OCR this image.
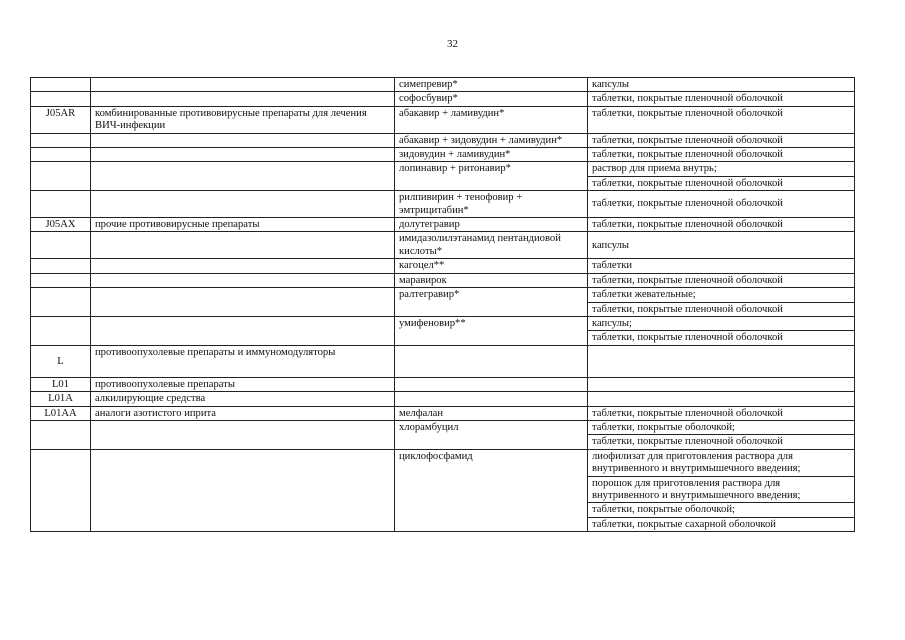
32
		симепревир*	капсулы
		софосбувир*	таблетки, покрытые пленочной оболочкой
J05AR	комбинированные противовирусные препараты для лечения ВИЧ-инфекции	абакавир + ламивудин*	таблетки, покрытые пленочной оболочкой
		абакавир + зидовудин + ламивудин*	таблетки, покрытые пленочной оболочкой
		зидовудин + ламивудин*	таблетки, покрытые пленочной оболочкой
		лопинавир + ритонавир*	раствор для приема внутрь;
			таблетки, покрытые пленочной оболочкой
		рилпивирин + тенофовир + эмтрицитабин*	таблетки, покрытые пленочной оболочкой
J05AX	прочие противовирусные препараты	долутегравир	таблетки, покрытые пленочной оболочкой
		имидазолилэтанамид пентандиовой кислоты*	капсулы
		кагоцел**	таблетки
		маравирок	таблетки, покрытые пленочной оболочкой
		ралтегравир*	таблетки жевательные;
			таблетки, покрытые пленочной оболочкой
		умифеновир**	капсулы;
			таблетки, покрытые пленочной оболочкой
L	противоопухолевые препараты и иммуномодуляторы		
L01	противоопухолевые препараты		
L01A	алкилирующие средства		
L01AA	аналоги азотистого иприта	мелфалан	таблетки, покрытые пленочной оболочкой
		хлорамбуцил	таблетки, покрытые оболочкой;
			таблетки, покрытые пленочной оболочкой
		циклофосфамид	лиофилизат для приготовления раствора для внутривенного и внутримышечного введения;
			порошок для приготовления раствора для внутривенного и внутримышечного введения;
			таблетки, покрытые оболочкой;
			таблетки, покрытые сахарной оболочкой
